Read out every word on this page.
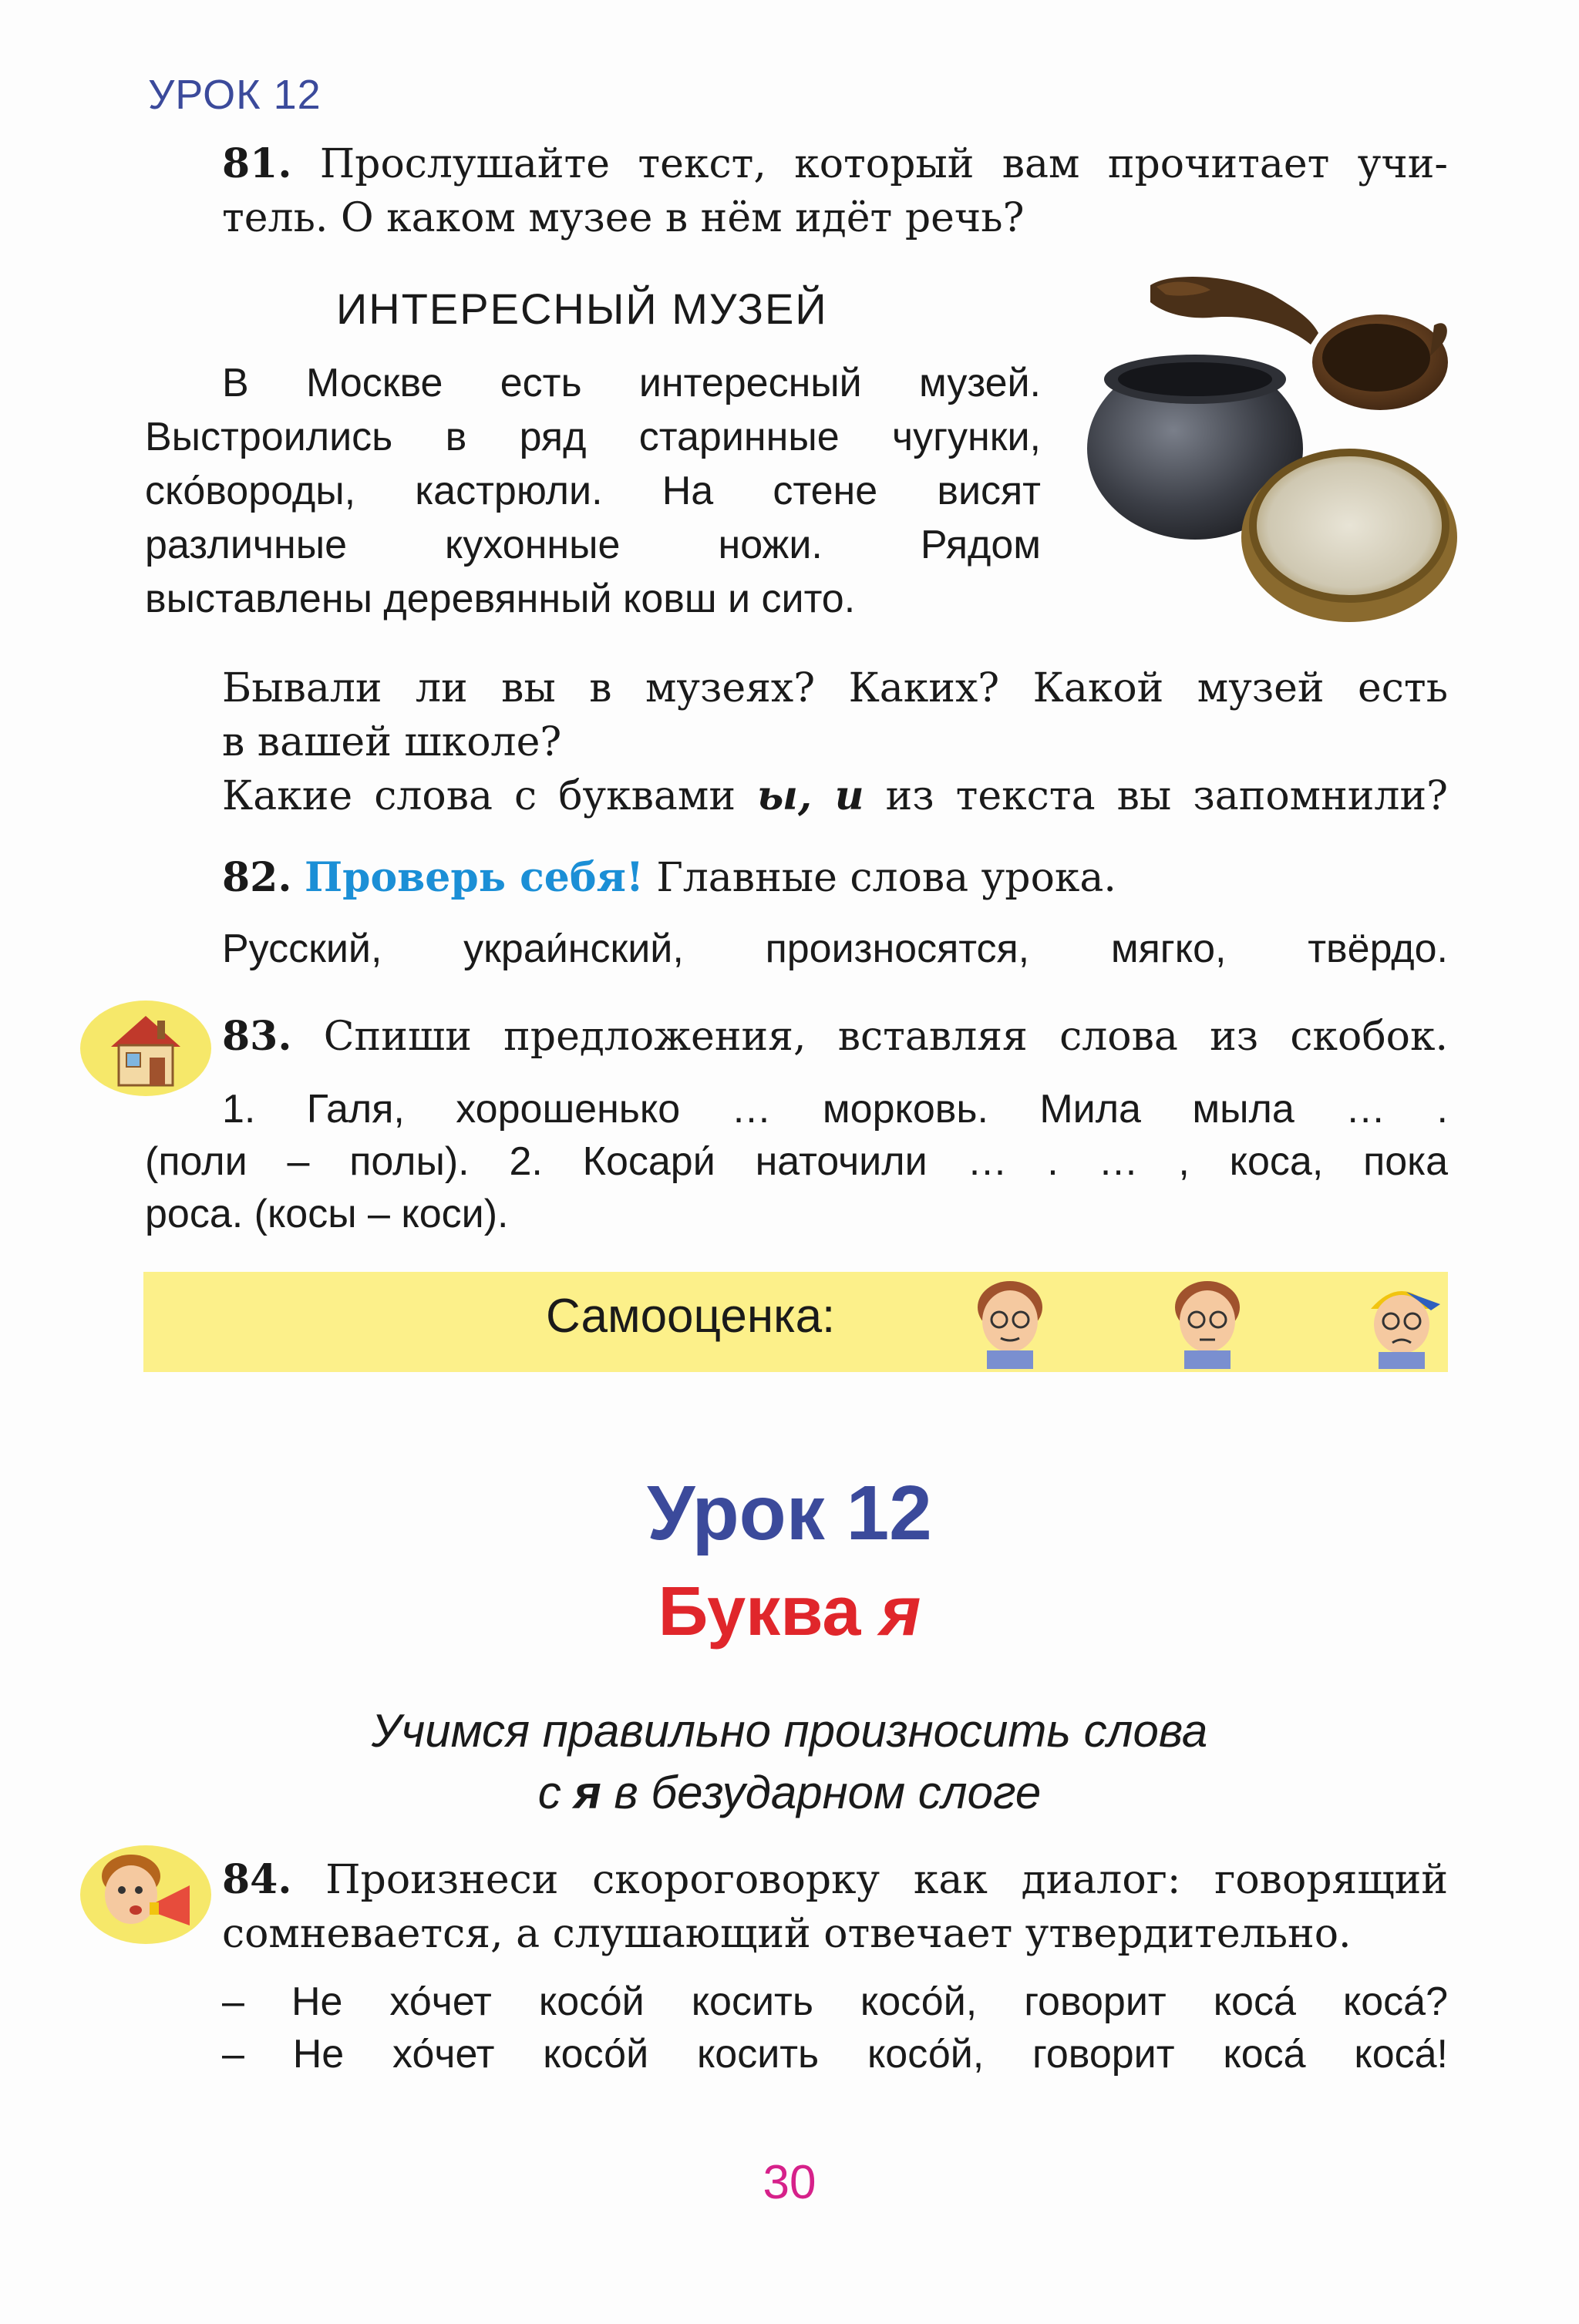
УРОК 12
81. Прослушайте текст, который вам прочитает учи-
тель. О каком музее в нём идёт речь?
ИНТЕРЕСНЫЙ МУЗЕЙ
В Москве есть интересный музей.
Выстроились в ряд старинные чугунки,
ско́вороды, кастрюли. На стене висят
различные кухонные ножи. Рядом
выставлены деревянный ковш и сито.
Бывали ли вы в музеях? Каких? Какой музей есть
в вашей школе?
Какие слова с буквами ы, и из текста вы запомнили?
82. Проверь себя! Главные слова урока.
Русский, украи́нский, произносятся, мягко, твёрдо.
83. Спиши предложения, вставляя слова из скобок.
1. Галя, хорошенько … морковь. Мила мыла … .
(поли – полы). 2. Косари́ наточили … . … , коса, пока
роса. (косы – коси).
Самооценка:
Урок 12
Буква я
Учимся правильно произносить слова
с я в безударном слоге
84. Произнеси скороговорку как диалог: говорящий
сомневается, а слушающий отвечает утвердительно.
– Не хо́чет косо́й косить косо́й, говорит коса́ коса́?
– Не хо́чет косо́й косить косо́й, говорит коса́ коса́!
30
